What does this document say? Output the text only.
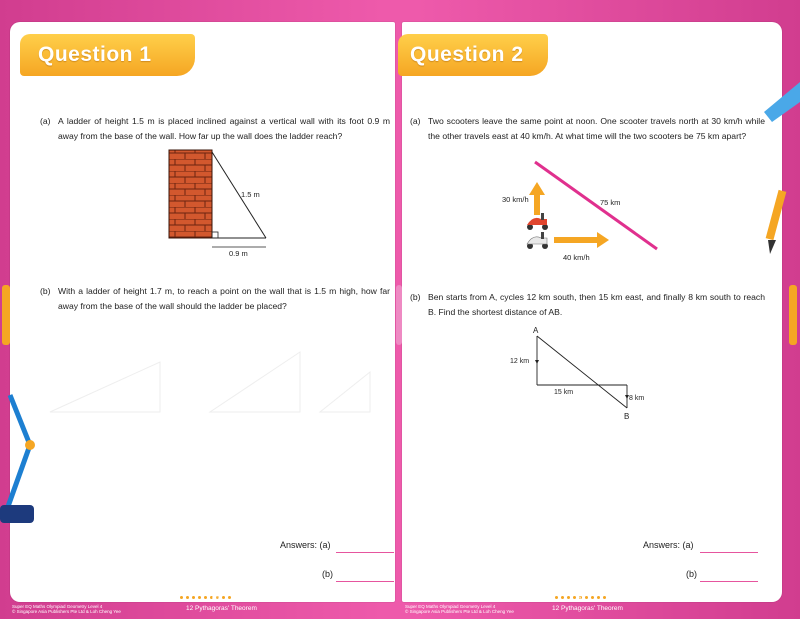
Question 1
(a) A ladder of height 1.5 m is placed inclined against a vertical wall with its foot 0.9 m away from the base of the wall. How far up the wall does the ladder reach?
1.5 m
0.9 m
(b) With a ladder of height 1.7 m, to reach a point on the wall that is 1.5 m high, how far away from the base of the wall should the ladder be placed?
Answers: (a)
(b)
Question 2
(a) Two scooters leave the same point at noon. One scooter travels north at 30 km/h while the other travels east at 40 km/h. At what time will the two scooters be 75 km apart?
30 km/h	75 km
40 km/h
(b) Ben starts from A, cycles 12 km south, then 15 km east, and finally 8 km south to reach B. Find the shortest distance of AB.
A
12 km
15 km
8 km
B
Answers: (a)
(b)
Super EQ Maths Olympiad Geometry Level 4
© Singapore Asia Publishers Pte Ltd & Loh Cheng Yee
60
12 Pythagoras' Theorem	Super EQ Maths Olympiad Geometry Level 4
© Singapore Asia Publishers Pte Ltd & Loh Cheng Yee
61
12 Pythagoras' Theorem
